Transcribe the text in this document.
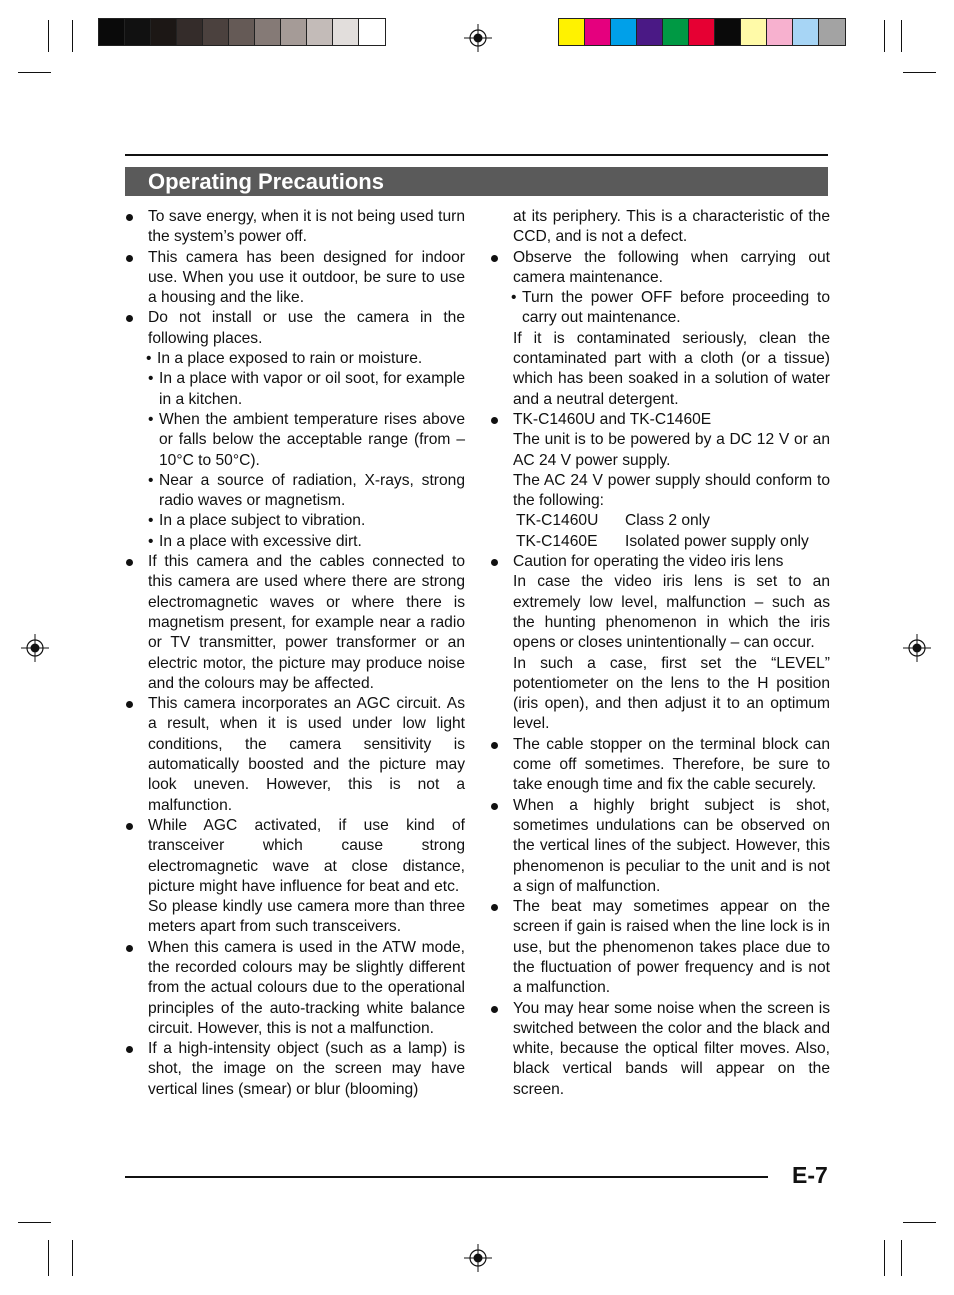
Operating Precautions

To save energy, when it is not being used turn the system’s power off.

This camera has been designed for indoor use. When you use it outdoor, be sure to use a housing and the like.

Do not install or use the camera in the following places.

• In a place exposed to rain or moisture.

• In a place with vapor or oil soot, for example in a kitchen.

• When the ambient temperature rises above or falls below the acceptable range (from –10°C to 50°C).

• Near a source of radiation, X-rays, strong radio waves or magnetism.

• In a place subject to vibration.

• In a place with excessive dirt.

If this camera and the cables connected to this camera are used where there are strong electromagnetic waves or where there is magnetism present, for example near a radio or TV transmitter, power transformer or an electric motor, the picture may produce noise and the colours may be affected.

This camera incorporates an AGC circuit. As a result, when it is used under low light conditions, the camera sensitivity is automatically boosted and the picture may look uneven. However, this is not a malfunction.

While AGC activated, if use kind of transceiver which cause strong electromagnetic wave at close distance, picture might have influence for beat and etc.

So please kindly use camera more than three meters apart from such transceivers.

When this camera is used in the ATW mode, the recorded colours may be slightly different from the actual colours due to the operational principles of the auto-tracking white balance circuit. However, this is not a malfunction.

If a high-intensity object (such as a lamp) is shot, the image on the screen may have vertical lines (smear) or blur (blooming)

at its periphery. This is a characteristic of the CCD, and is not a defect.

Observe the following when carrying out camera maintenance.

• Turn the power OFF before proceeding to carry out maintenance.

If it is contaminated seriously, clean the contaminated part with a cloth (or a tissue) which has been soaked in a solution of water and a neutral detergent.

TK-C1460U and TK-C1460E

The unit is to be powered by a DC 12 V or an AC 24 V power supply.

The AC 24 V power supply should conform to the following:

TK-C1460U	Class 2 only
TK-C1460E	Isolated power supply only

Caution for operating the video iris lens

In case the video iris lens is set to an extremely low level, malfunction – such as the hunting phenomenon in which the iris opens or closes unintentionally – can occur.

In such a case, first set the “LEVEL” potentiometer on the lens to the H position (iris open), and then adjust it to an optimum level.

The cable stopper on the terminal block can come off sometimes. Therefore, be sure to take enough time and fix the cable securely.

When a highly bright subject is shot, sometimes undulations can be observed on the vertical lines of the subject. However, this phenomenon is peculiar to the unit and is not a sign of malfunction.

The beat may sometimes appear on the screen if gain is raised when the line lock is in use, but the phenomenon takes place due to the fluctuation of power frequency and is not a malfunction.

You may hear some noise when the screen is switched between the color and the black and white, because the optical filter moves. Also, black vertical bands will appear on the screen.

E-7
